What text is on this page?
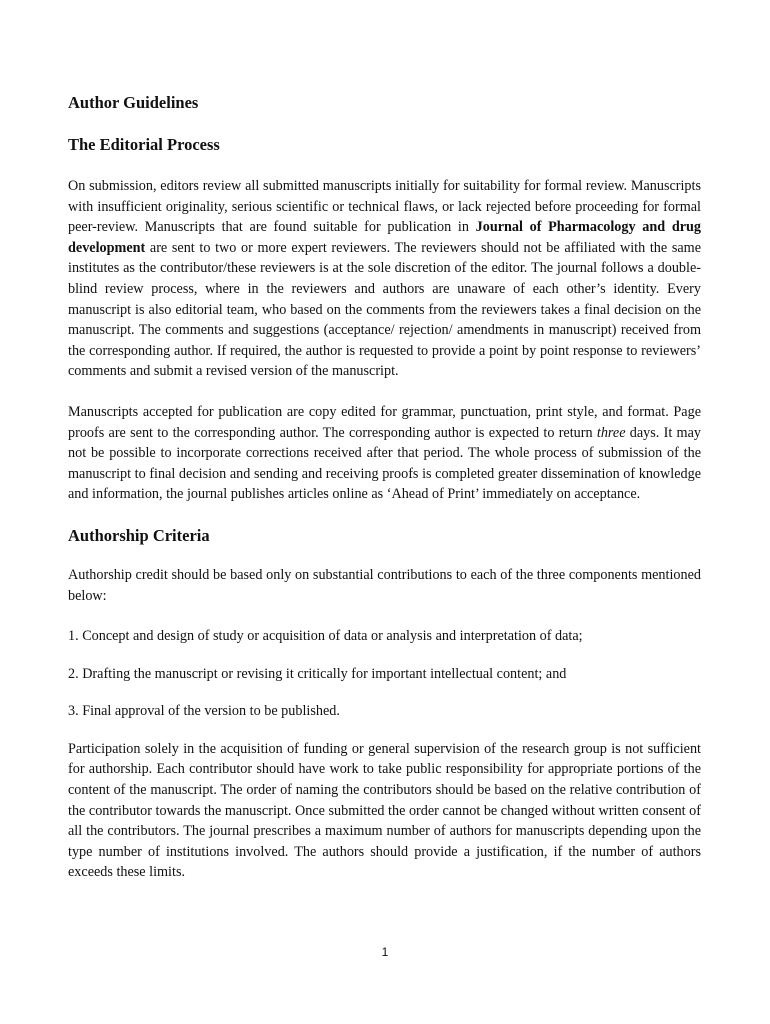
Author Guidelines
The Editorial Process

On submission, editors review all submitted manuscripts initially for suitability for formal review. Manuscripts with insufficient originality, serious scientific or technical flaws, or lack rejected before proceeding for formal peer-review. Manuscripts that are found suitable for publication in Journal of Pharmacology and drug development are sent to two or more expert reviewers. The reviewers should not be affiliated with the same institutes as the contributor/these reviewers is at the sole discretion of the editor. The journal follows a double-blind review process, where in the reviewers and authors are unaware of each other’s identity. Every manuscript is also editorial team, who based on the comments from the reviewers takes a final decision on the manuscript. The comments and suggestions (acceptance/ rejection/ amendments in manuscript) received from the corresponding author. If required, the author is requested to provide a point by point response to reviewers’ comments and submit a revised version of the manuscript.

Manuscripts accepted for publication are copy edited for grammar, punctuation, print style, and format. Page proofs are sent to the corresponding author. The corresponding author is expected to return three days. It may not be possible to incorporate corrections received after that period. The whole process of submission of the manuscript to final decision and sending and receiving proofs is completed greater dissemination of knowledge and information, the journal publishes articles online as ‘Ahead of Print’ immediately on acceptance.

Authorship Criteria

Authorship credit should be based only on substantial contributions to each of the three components mentioned below:

1. Concept and design of study or acquisition of data or analysis and interpretation of data;
2. Drafting the manuscript or revising it critically for important intellectual content; and
3. Final approval of the version to be published.

Participation solely in the acquisition of funding or general supervision of the research group is not sufficient for authorship. Each contributor should have work to take public responsibility for appropriate portions of the content of the manuscript. The order of naming the contributors should be based on the relative contribution of the contributor towards the manuscript. Once submitted the order cannot be changed without written consent of all the contributors. The journal prescribes a maximum number of authors for manuscripts depending upon the type number of institutions involved. The authors should provide a justification, if the number of authors exceeds these limits.

1
